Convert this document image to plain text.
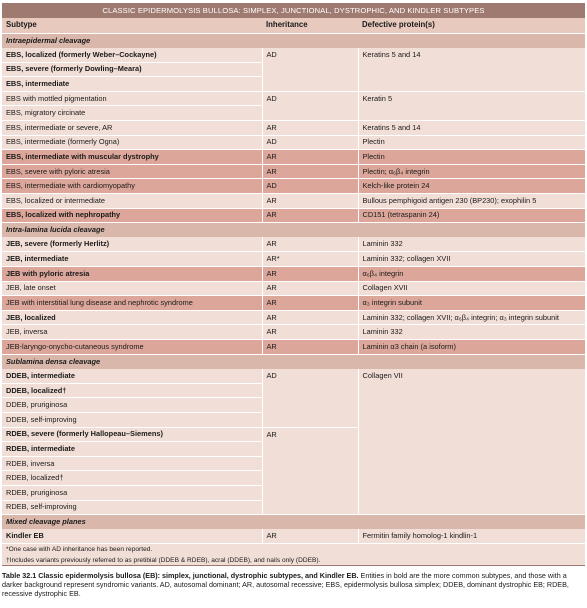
CLASSIC EPIDERMOLYSIS BULLOSA: SIMPLEX, JUNCTIONAL, DYSTROPHIC, AND KINDLER SUBTYPES		
Subtype	Inheritance	Defective protein(s)
Intraepidermal cleavage		
EBS, localized (formerly Weber–Cockayne)	AD	Keratins 5 and 14
EBS, severe (formerly Dowling–Meara)		
EBS, intermediate		
EBS with mottled pigmentation	AD	Keratin 5
EBS, migratory circinate		
EBS, intermediate or severe, AR	AR	Keratins 5 and 14
EBS, intermediate (formerly Ogna)	AD	Plectin
EBS, intermediate with muscular dystrophy	AR	Plectin
EBS, severe with pyloric atresia	AR	Plectin; α₆β₄ integrin
EBS, intermediate with cardiomyopathy	AD	Kelch-like protein 24
EBS, localized or intermediate	AR	Bullous pemphigoid antigen 230 (BP230); exophilin 5
EBS, localized with nephropathy	AR	CD151 (tetraspanin 24)
Intra-lamina lucida cleavage		
JEB, severe (formerly Herlitz)	AR	Laminin 332
JEB, intermediate	AR*	Laminin 332; collagen XVII
JEB with pyloric atresia	AR	α₆β₄ integrin
JEB, late onset	AR	Collagen XVII
JEB with interstitial lung disease and nephrotic syndrome	AR	α₃ integrin subunit
JEB, localized	AR	Laminin 332; collagen XVII; α₆β₄ integrin; α₃ integrin subunit
JEB, inversa	AR	Laminin 332
JEB-laryngo-onycho-cutaneous syndrome	AR	Laminin α3 chain (a isoform)
Sublamina densa cleavage		
DDEB, intermediate	AD	Collagen VII
DDEB, localized†		
DDEB, pruriginosa		
DDEB, self-improving		
RDEB, severe (formerly Hallopeau–Siemens)	AR	
RDEB, intermediate		
RDEB, inversa		
RDEB, localized†		
RDEB, pruriginosa		
RDEB, self-improving		
Mixed cleavage planes		
Kindler EB	AR	Fermitin family homolog-1 kindlin-1
*One case with AD inheritance has been reported.		
†Includes variants previously referred to as pretibial (DDEB & RDEB), acral (DDEB), and nails only (DDEB).		
Table 32.1 Classic epidermolysis bullosa (EB): simplex, junctional, dystrophic subtypes, and Kindler EB. Entities in bold are the more common subtypes, and those with a darker background represent syndromic variants. AD, autosomal dominant; AR, autosomal recessive; EBS, epidermolysis bullosa simplex; DDEB, dominant dystrophic EB; RDEB, recessive dystrophic EB.
